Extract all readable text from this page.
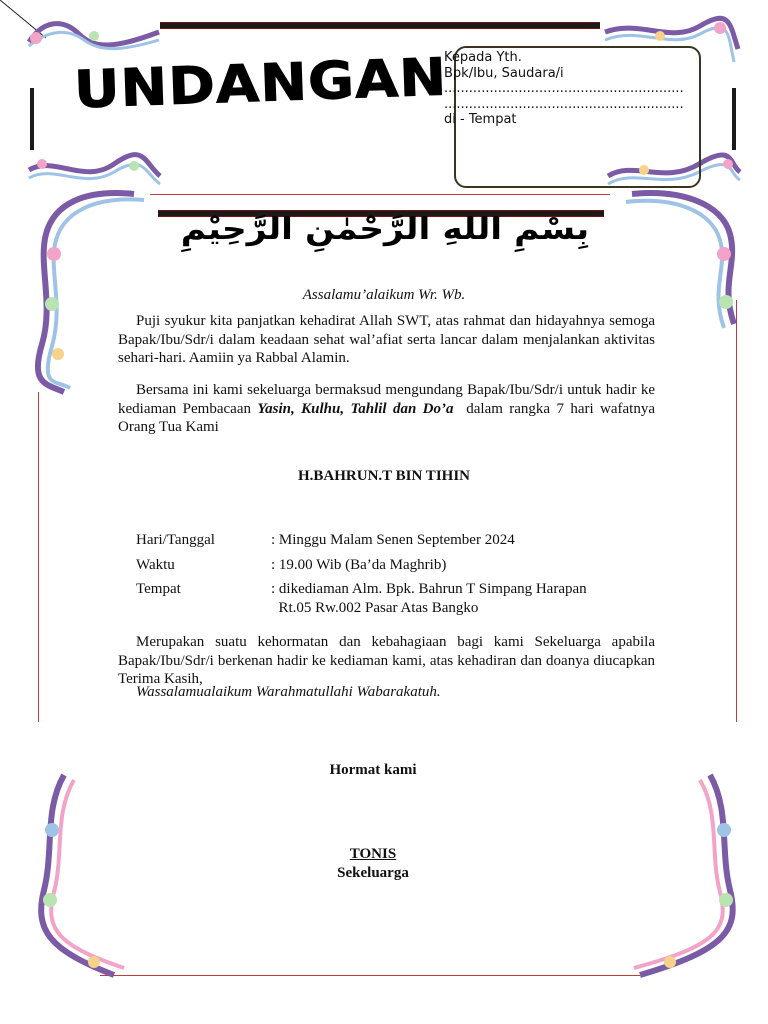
UNDANGAN
Kepada Yth.
Bpk/Ibu, Saudara/i
..........................................................
..........................................................
di - Tempat
بِسْمِ اللهِ الرَّحْمٰنِ الرَّحِيْمِ
Assalamu’alaikum Wr. Wb.
Puji syukur kita panjatkan kehadirat Allah SWT, atas rahmat dan hidayahnya semoga Bapak/Ibu/Sdr/i dalam keadaan sehat wal’afiat serta lancar dalam menjalankan aktivitas sehari-hari. Aamiin ya Rabbal Alamin.
Bersama ini kami sekeluarga bermaksud mengundang Bapak/Ibu/Sdr/i untuk hadir ke kediaman Pembacaan Yasin, Kulhu, Tahlil dan Do’a  dalam rangka 7 hari wafatnya Orang Tua Kami
H.BAHRUN.T BIN TIHIN
Hari/Tanggal	: Minggu Malam Senen September 2024
Waktu	: 19.00 Wib (Ba’da Maghrib)
Tempat	: dikediaman Alm. Bpk. Bahrun T Simpang Harapan
Rt.05 Rw.002 Pasar Atas Bangko
Merupakan suatu kehormatan dan kebahagiaan bagi kami Sekeluarga apabila Bapak/Ibu/Sdr/i berkenan hadir ke kediaman kami, atas kehadiran dan doanya diucapkan Terima Kasih,
Wassalamualaikum Warahmatullahi Wabarakatuh.
Hormat kami
TONIS
Sekeluarga
